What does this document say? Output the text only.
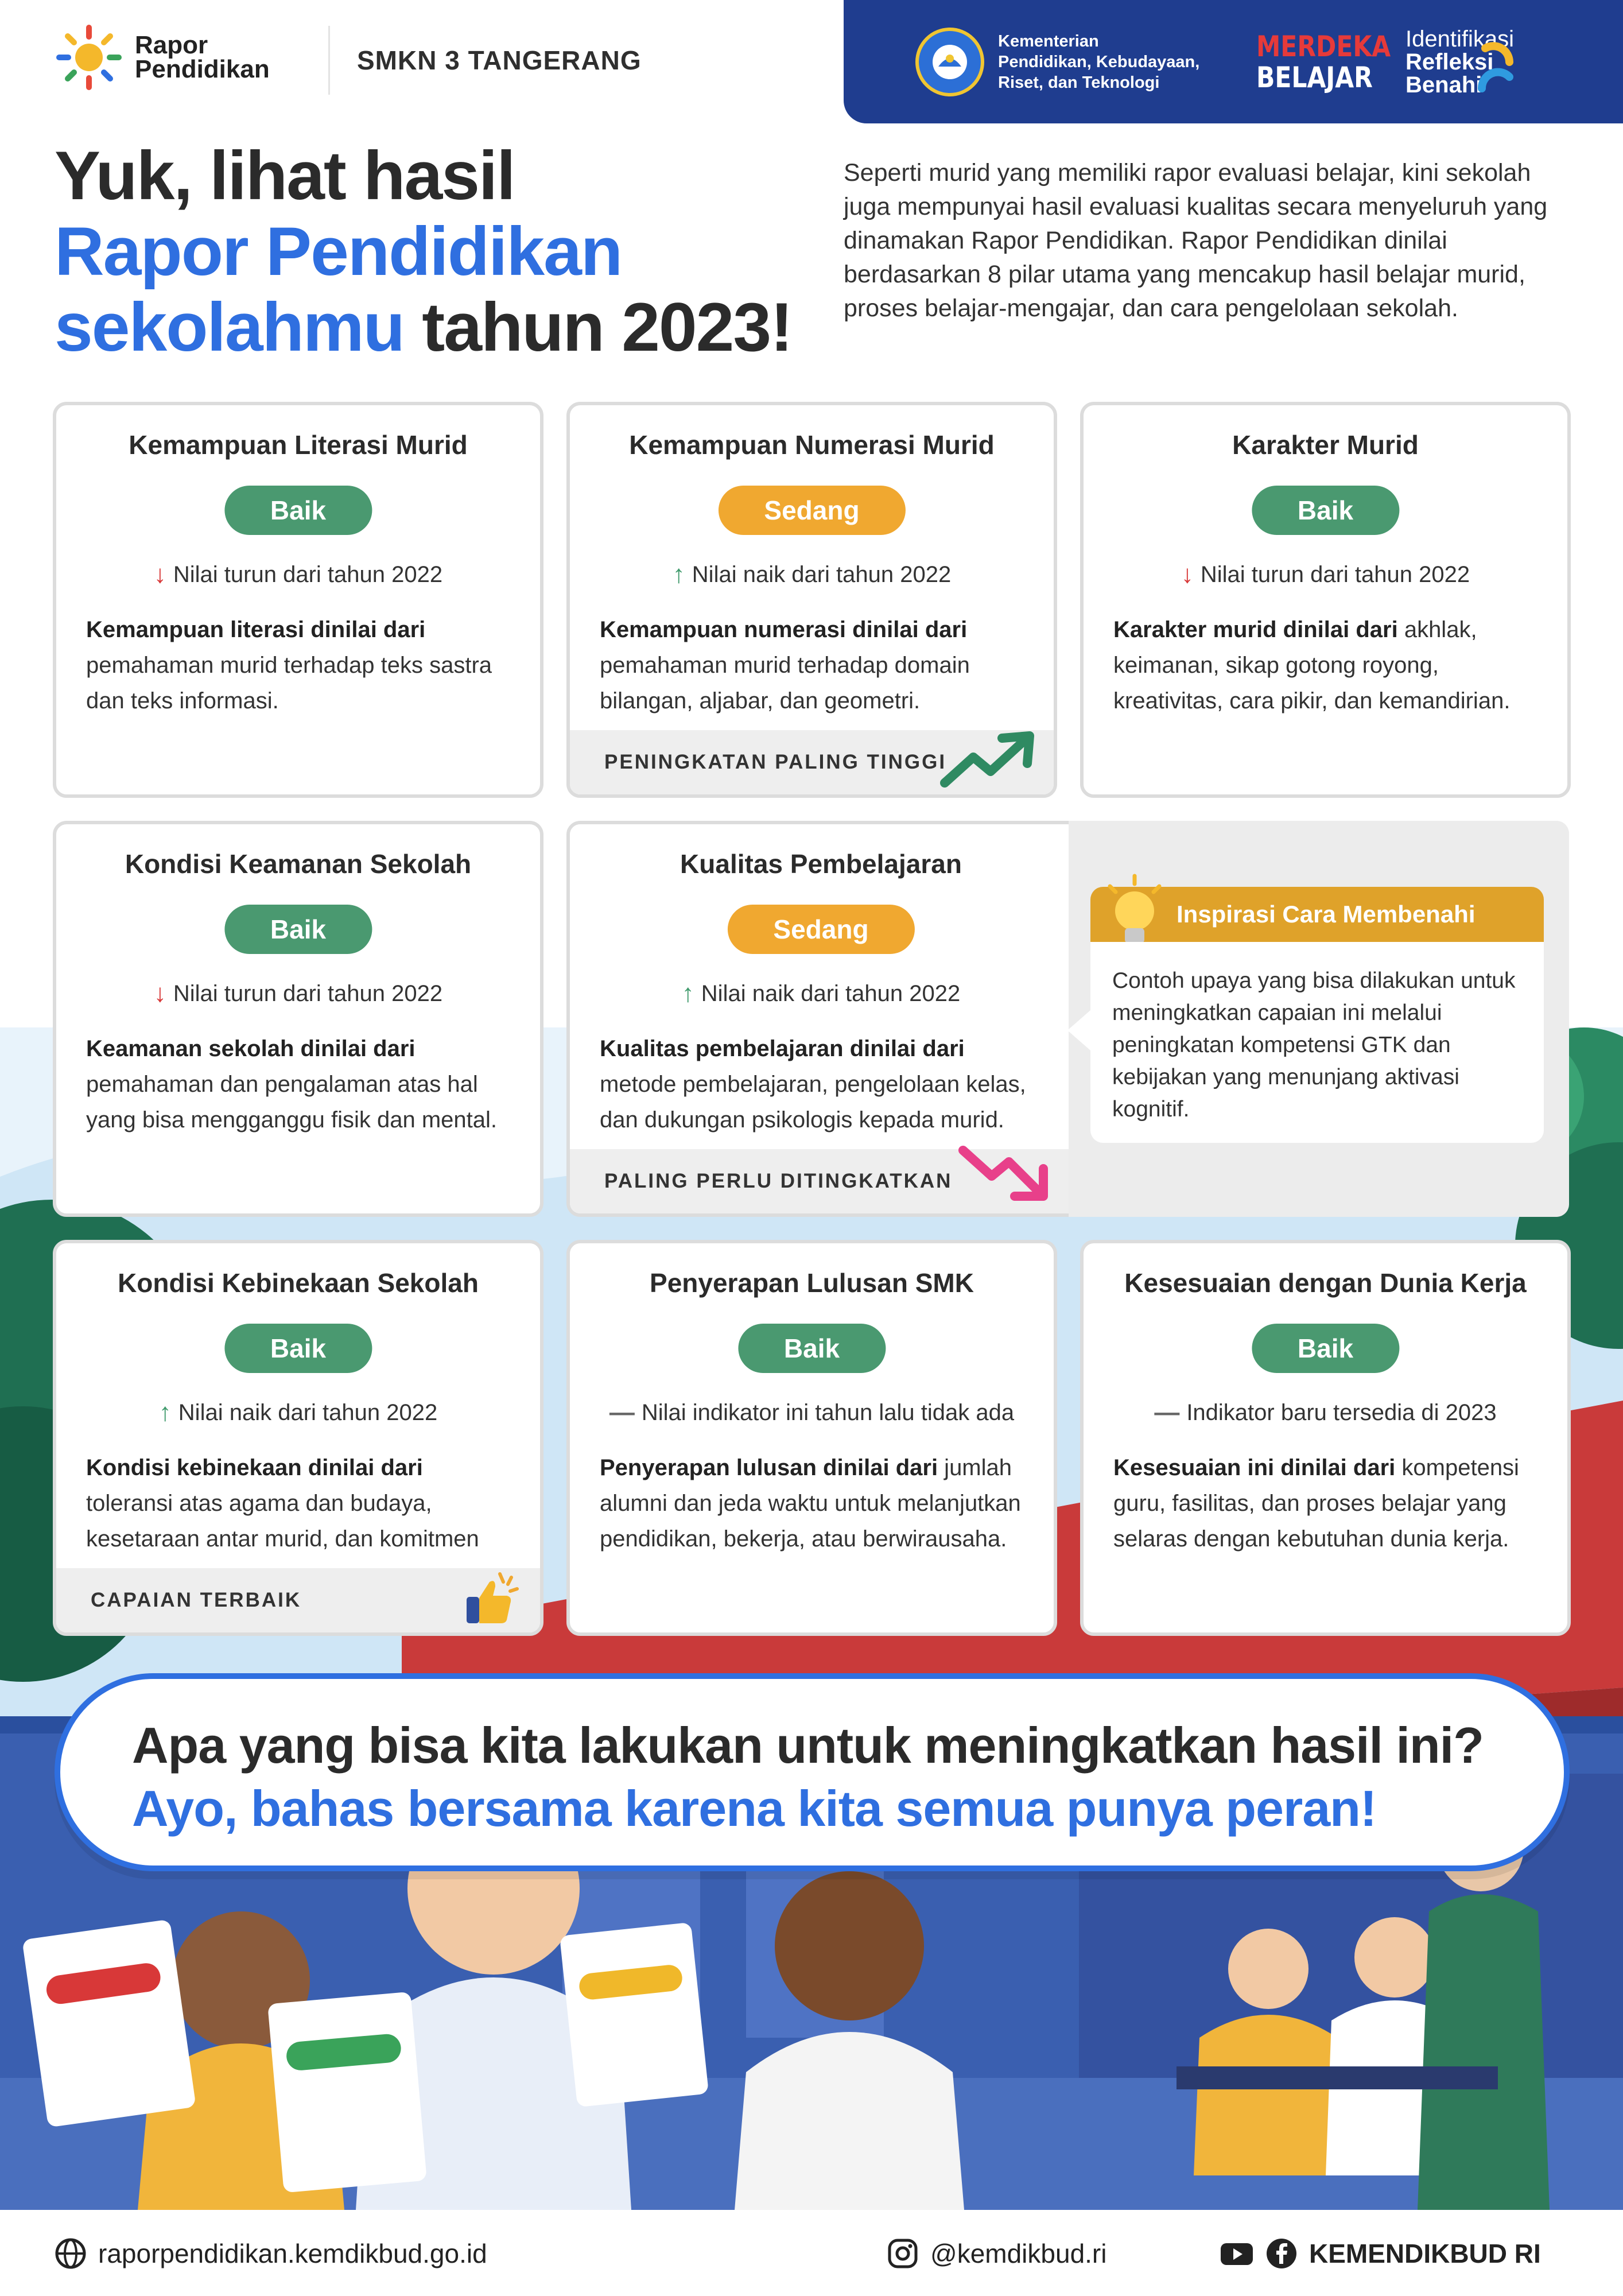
Rapor
Pendidikan	SMKN 3 TANGERANG
Kementerian
Pendidikan, Kebudayaan,
Riset, dan Teknologi
MERDEKA
BELAJAR
Identifikasi
Refleksi
Benahi
Yuk, lihat hasil
Rapor Pendidikan
sekolahmu tahun 2023!
Seperti murid yang memiliki rapor evaluasi belajar, kini sekolah juga mempunyai hasil evaluasi kualitas secara menyeluruh yang dinamakan Rapor Pendidikan. Rapor Pendidikan dinilai berdasarkan 8 pilar utama yang mencakup hasil belajar murid, proses belajar-mengajar, dan cara pengelolaan sekolah.
Kemampuan Literasi Murid
Baik
↓ Nilai turun dari tahun 2022
Kemampuan literasi dinilai dari pemahaman murid terhadap teks sastra dan teks informasi.
Kemampuan Numerasi Murid
Sedang
↑ Nilai naik dari tahun 2022
Kemampuan numerasi dinilai dari pemahaman murid terhadap domain bilangan, aljabar, dan geometri.
PENINGKATAN PALING TINGGI
Karakter Murid
Baik
↓ Nilai turun dari tahun 2022
Karakter murid dinilai dari akhlak, keimanan, sikap gotong royong, kreativitas, cara pikir, dan kemandirian.
Kondisi Keamanan Sekolah
Baik
↓ Nilai turun dari tahun 2022
Keamanan sekolah dinilai dari pemahaman dan pengalaman atas hal yang bisa mengganggu fisik dan mental.
Kualitas Pembelajaran
Sedang
↑ Nilai naik dari tahun 2022
Kualitas pembelajaran dinilai dari metode pembelajaran, pengelolaan kelas, dan dukungan psikologis kepada murid.
PALING PERLU DITINGKATKAN
Inspirasi Cara Membenahi
Contoh upaya yang bisa dilakukan untuk meningkatkan capaian ini melalui peningkatan kompetensi GTK dan kebijakan yang menunjang aktivasi kognitif.
Kondisi Kebinekaan Sekolah
Baik
↑ Nilai naik dari tahun 2022
Kondisi kebinekaan dinilai dari toleransi atas agama dan budaya, kesetaraan antar murid, dan komitmen
CAPAIAN TERBAIK
Penyerapan Lulusan SMK
Baik
— Nilai indikator ini tahun lalu tidak ada
Penyerapan lulusan dinilai dari jumlah alumni dan jeda waktu untuk melanjutkan pendidikan, bekerja, atau berwirausaha.
Kesesuaian dengan Dunia Kerja
Baik
— Indikator baru tersedia di 2023
Kesesuaian ini dinilai dari kompetensi guru, fasilitas, dan proses belajar yang selaras dengan kebutuhan dunia kerja.
Apa yang bisa kita lakukan untuk meningkatkan hasil ini?
Ayo, bahas bersama karena kita semua punya peran!
raporpendidikan.kemdikbud.go.id	@kemdikbud.ri	KEMENDIKBUD RI
